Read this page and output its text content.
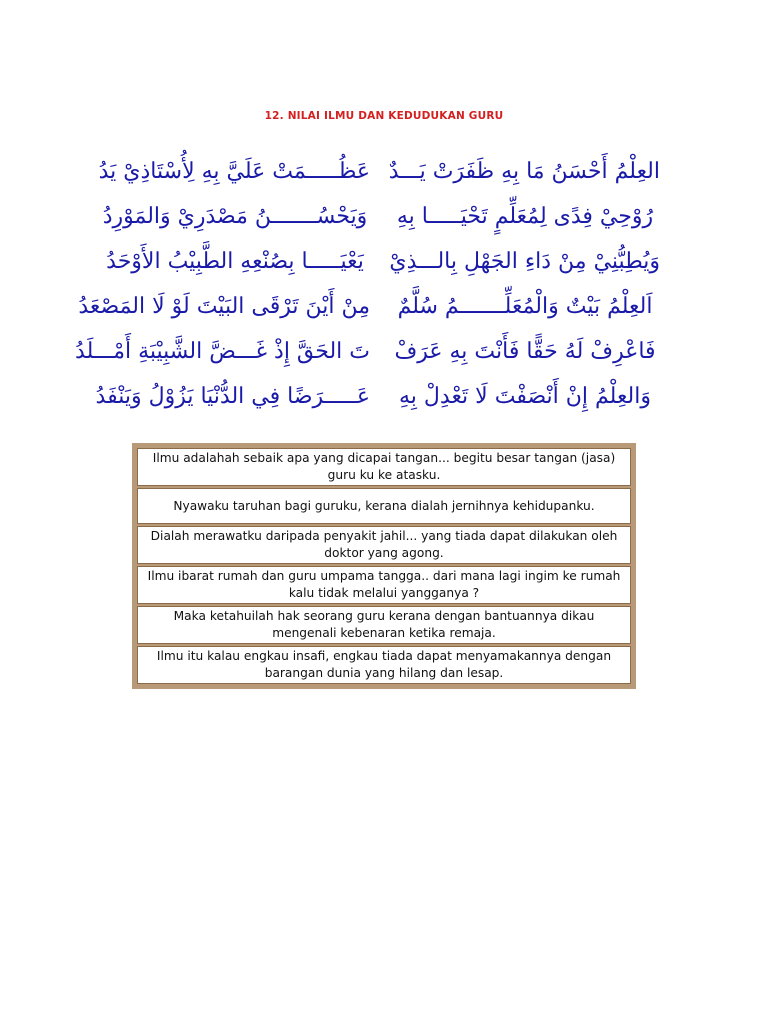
12. NILAI ILMU DAN KEDUDUKAN GURU
العِلْمُ أَحْسَنُ مَا بِهِ ظَفَرَتْ يَـــدٌ
عَظُـــــمَتْ عَلَيَّ بِهِ لِأُسْتَاذِيْ يَدُ
رُوْحِيْ فِدًى لِمُعَلِّمٍ تَحْيَـــــا بِهِ
وَيَحْسُـــــــنُ مَصْدَرِيْ وَالمَوْرِدُ
وَيُطِبُّنِيْ مِنْ دَاءِ الجَهْلِ بِالـــذِيْ
يَعْيَـــــا بِصُنْعِهِ الطَّبِيْبُ الأَوْحَدُ
اَلعِلْمُ بَيْتٌ وَالْمُعَلِّـــــــمُ سُلَّمٌ
مِنْ أَيْنَ تَرْقَى البَيْتَ لَوْ لَا المَصْعَدُ
فَاعْرِفْ لَهُ حَقًّا فَأَنْتَ بِهِ عَرَفْ
تَ الحَقَّ إِذْ غَـــضَّ الشَّبِيْبَةِ أَمْـــلَدُ
وَالعِلْمُ إِنْ أَنْصَفْتَ لَا تَعْدِلْ بِهِ
عَـــــرَضًا فِي الدُّنْيَا يَزُوْلُ وَيَنْفَدُ
Ilmu adalahah sebaik apa yang dicapai tangan... begitu besar tangan (jasa) guru ku ke atasku.
Nyawaku taruhan bagi guruku, kerana dialah jernihnya kehidupanku.
Dialah merawatku daripada penyakit jahil... yang tiada dapat dilakukan oleh doktor yang agong.
Ilmu ibarat rumah dan guru umpama tangga.. dari mana lagi ingim ke rumah kalu tidak melalui yangganya ?
Maka ketahuilah hak seorang guru kerana dengan bantuannya dikau mengenali kebenaran ketika remaja.
Ilmu itu kalau engkau insafi, engkau tiada dapat menyamakannya dengan barangan dunia yang hilang dan lesap.
